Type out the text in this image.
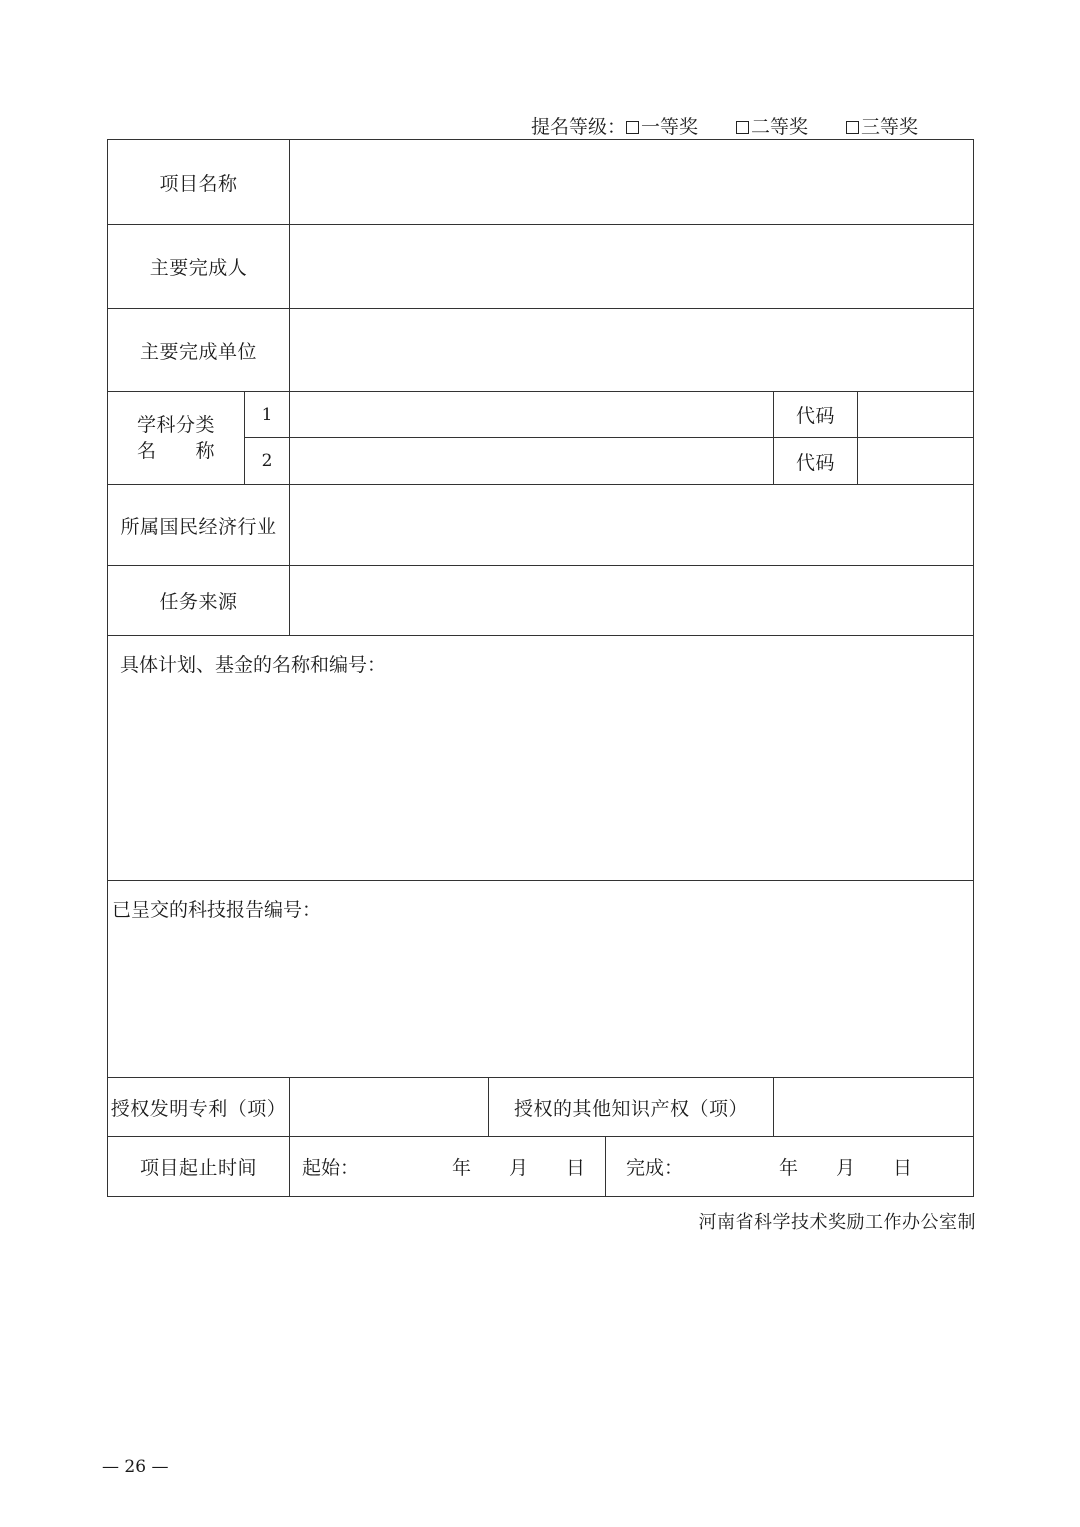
提名等级： 一等奖	二等奖	三等奖
项目名称						
主要完成人						
主要完成单位						

学科分类
名　　称	1				代码	
	2				代码	
所属国民经济行业						
任务来源						
具体计划、基金的名称和编号：						
已呈交的科技报告编号：						
授权发明专利（项）			授权的其他知识产权（项）			
项目起止时间		起始： 年 月 日		完成： 年 月 日		
河南省科学技术奖励工作办公室制
— 26 —
